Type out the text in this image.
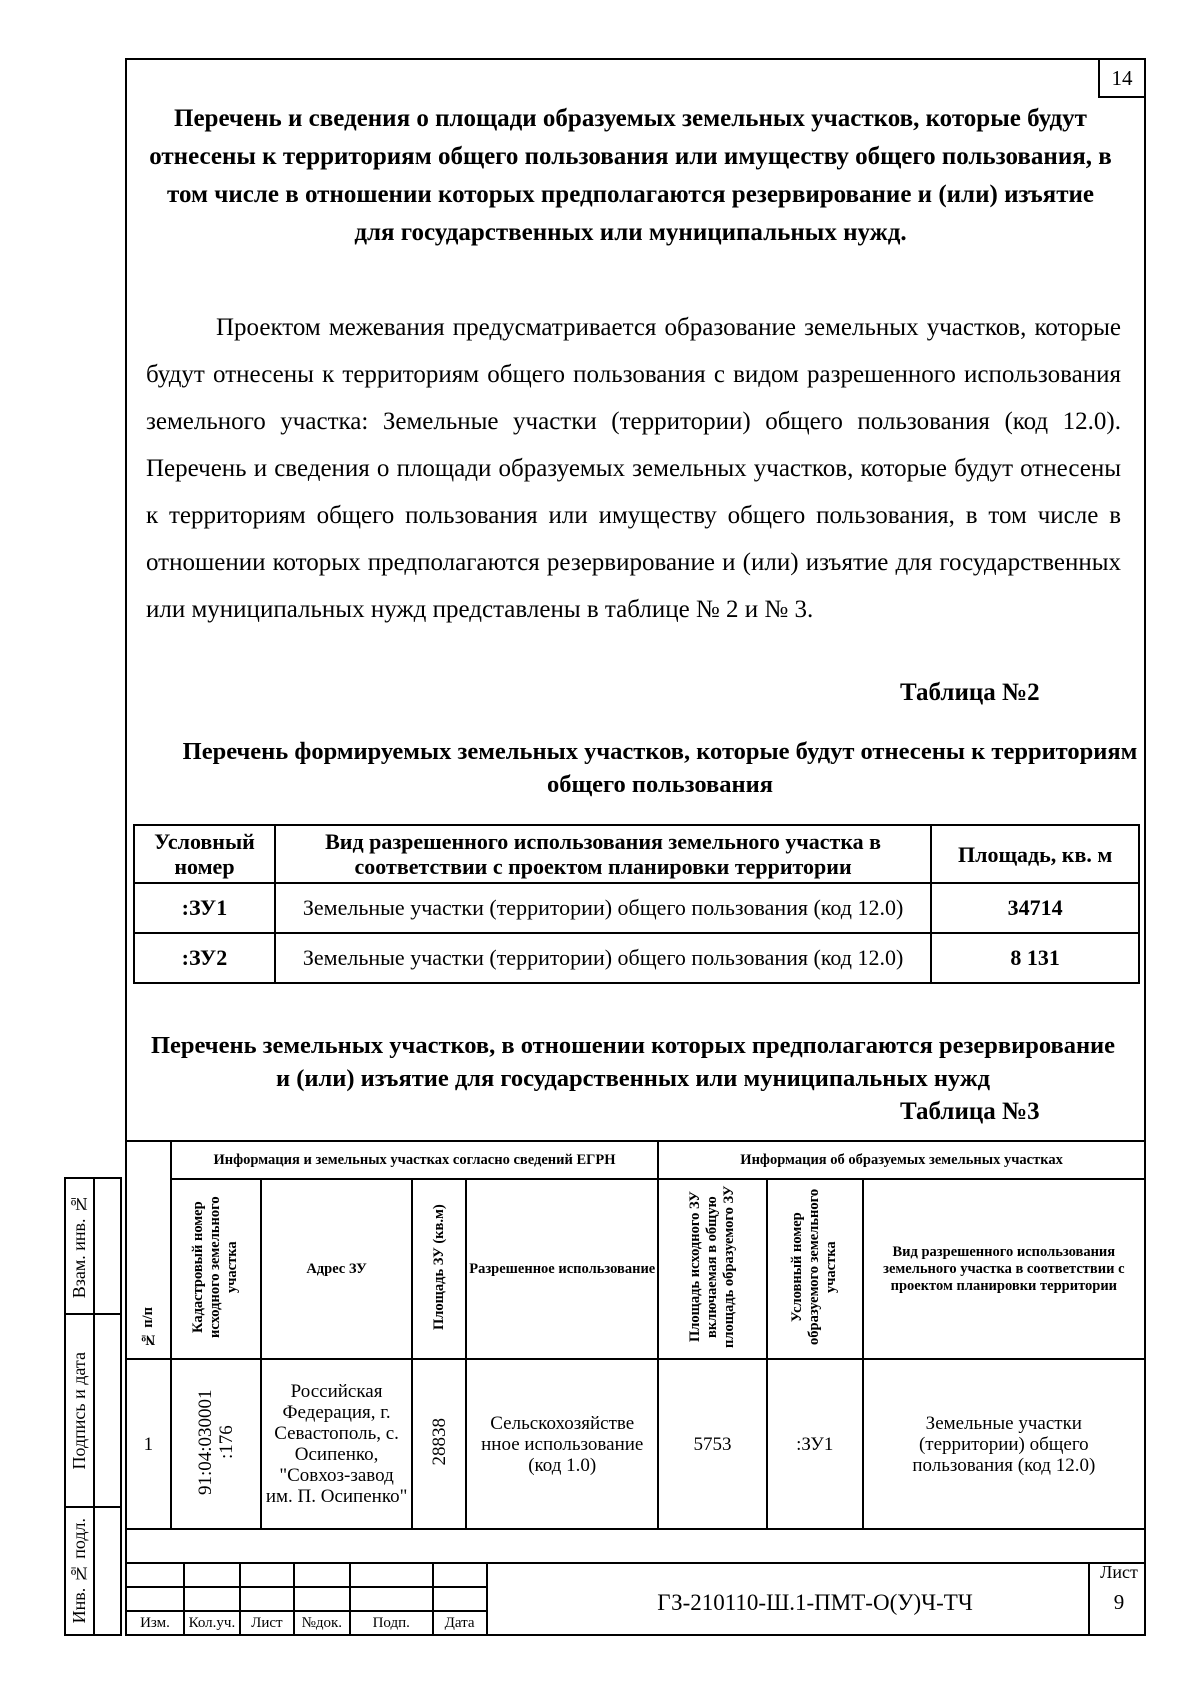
14
Перечень и сведения о площади образуемых земельных участков, которые будут отнесены к территориям общего пользования или имуществу общего пользования, в том числе в отношении которых предполагаются резервирование и (или) изъятие для государственных или муниципальных нужд.

Проектом межевания предусматривается образование земельных участков, которые будут отнесены к территориям общего пользования с видом разрешенного использования земельного участка: Земельные участки (территории) общего пользования (код 12.0). Перечень и сведения о площади образуемых земельных участков, которые будут отнесены к территориям общего пользования или имуществу общего пользования, в том числе в отношении которых предполагаются резервирование и (или) изъятие для государственных или муниципальных нужд представлены в таблице № 2 и № 3.

Таблица №2
Перечень формируемых земельных участков, которые будут отнесены к территориям общего пользования
Условный номер	Вид разрешенного использования земельного участка в соответствии с проектом планировки территории	Площадь, кв. м
:ЗУ1	Земельные участки (территории) общего пользования (код 12.0)	34714
:ЗУ2	Земельные участки (территории) общего пользования (код 12.0)	8 131
Перечень земельных участков, в отношении которых предполагаются резервирование и (или) изъятие для государственных или муниципальных нужд
Таблица №3
№ п/п	Информация и земельных участках согласно сведений ЕГРН				Информация об образуемых земельных участках		
	Кадастровый номер исходного земельного участка	Адрес ЗУ	Площадь ЗУ (кв.м)	Разрешенное использование	Площадь исходного ЗУ включаемая в общую площадь образуемого ЗУ	Условный номер образуемого земельного участка	Вид разрешенного использования земельного участка в соответствии с проектом планировки территории
1	91:04:030001 :176	Российская Федерация, г. Севастополь, с. Осипенко, "Совхоз-завод им. П. Осипенко"	28838	Сельскохозяйстве нное использование (код 1.0)	5753	:ЗУ1	Земельные участки (территории) общего пользования (код 12.0)
Взам. инв. №
Подпись и дата
Инв. № подл.

						Изм.	Кол.уч.	Лист	№док.	Подп.	Дата		
ГЗ-210110-Ш.1-ПМТ-О(У)Ч-ТЧ
Лист
9
